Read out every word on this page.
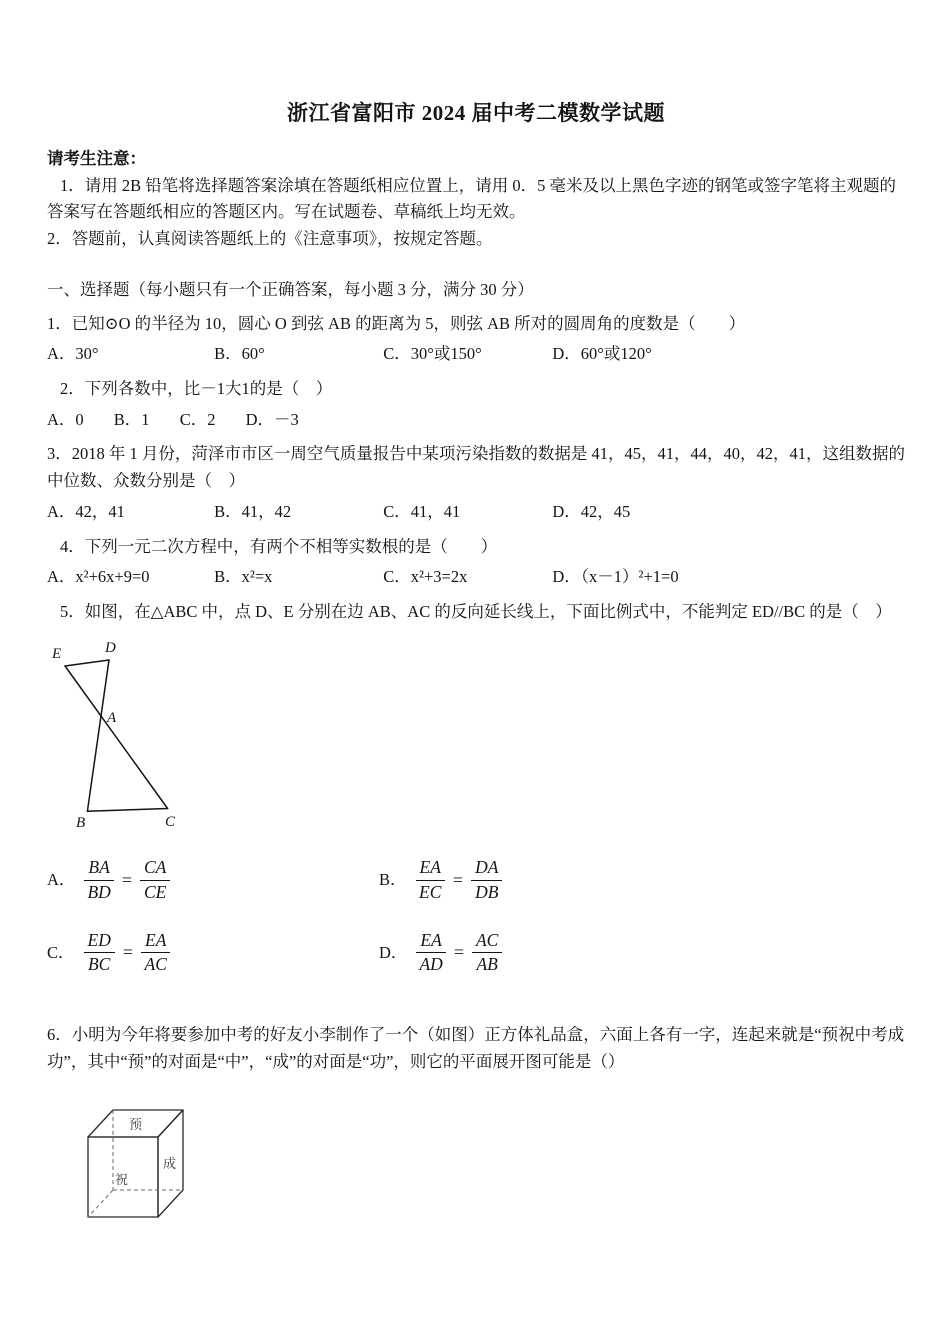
浙江省富阳市 2024 届中考二模数学试题

请考生注意：

1．请用 2B 铅笔将选择题答案涂填在答题纸相应位置上，请用 0．5 毫米及以上黑色字迹的钢笔或签字笔将主观题的答案写在答题纸相应的答题区内。写在试题卷、草稿纸上均无效。

2．答题前，认真阅读答题纸上的《注意事项》，按规定答题。

一、选择题（每小题只有一个正确答案，每小题 3 分，满分 30 分）

1．已知⊙O 的半径为 10，圆心 O 到弦 AB 的距离为 5，则弦 AB 所对的圆周角的度数是（　　）

A．30°	B．60°	C．30°或150°	D．60°或120°

2．下列各数中，比－1大1的是（　）

A．0 B．1 C．2 D．－3

3．2018 年 1 月份，菏泽市市区一周空气质量报告中某项污染指数的数据是 41，45，41，44，40，42，41，这组数据的中位数、众数分别是（　）

A．42，41	B．41，42	C．41，41	D．42，45

4．下列一元二次方程中，有两个不相等实数根的是（　　）

A．x²+6x+9=0	B．x²=x	C．x²+3=2x	D．（x－1）²+1=0

5．如图，在△ABC 中，点 D、E 分别在边 AB、AC 的反向延长线上，下面比例式中，不能判定 ED//BC 的是（　）

E	D
A
B	C
A． $\frac{BA}{BD} = \frac{CA}{CE}$	B． $\frac{EA}{EC} = \frac{DA}{DB}$
C． $\frac{ED}{BC} = \frac{EA}{AC}$	D． $\frac{EA}{AD} = \frac{AC}{AB}$

6．小明为今年将要参加中考的好友小李制作了一个（如图）正方体礼品盒，六面上各有一字，连起来就是“预祝中考成功”，其中“预”的对面是“中”，“成”的对面是“功”，则它的平面展开图可能是（）

预
祝
成
